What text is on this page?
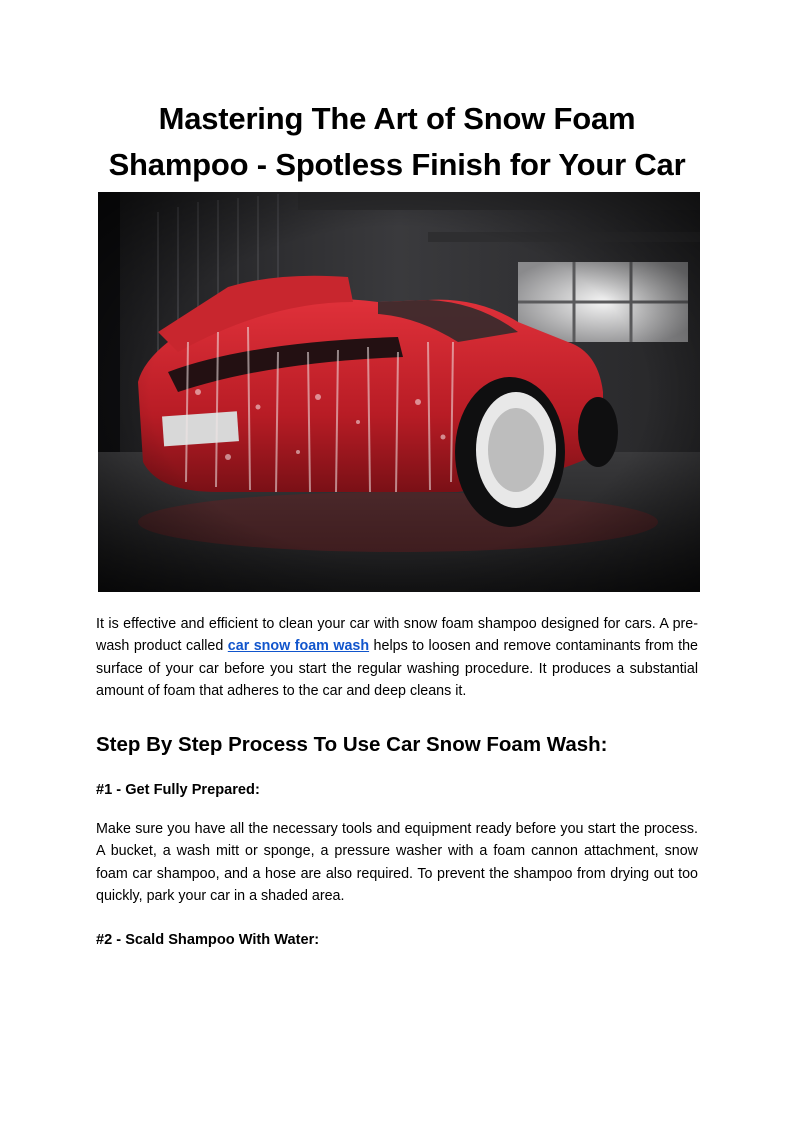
Mastering The Art of Snow Foam Shampoo - Spotless Finish for Your Car

It is effective and efficient to clean your car with snow foam shampoo designed for cars. A pre-wash product called car snow foam wash helps to loosen and remove contaminants from the surface of your car before you start the regular washing procedure. It produces a substantial amount of foam that adheres to the car and deep cleans it.

Step By Step Process To Use Car Snow Foam Wash:
#1 - Get Fully Prepared:

Make sure you have all the necessary tools and equipment ready before you start the process. A bucket, a wash mitt or sponge, a pressure washer with a foam cannon attachment, snow foam car shampoo, and a hose are also required. To prevent the shampoo from drying out too quickly, park your car in a shaded area.

#2 - Scald Shampoo With Water:
